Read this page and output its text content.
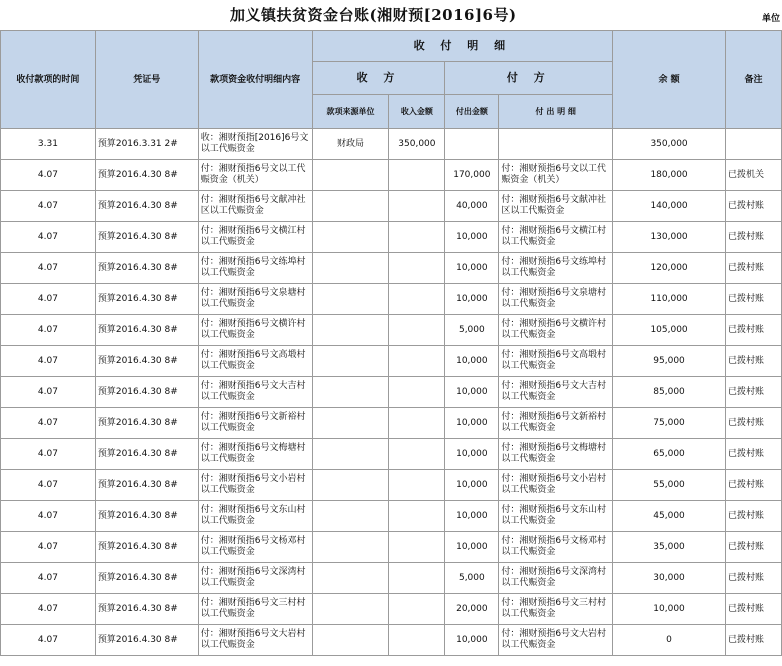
加义镇扶贫资金台账(湘财预[2016]6号)	单位
收付款项的时间	凭证号	款项资金收付明细内容	收 付 明 细				余 额	备注
			收 方		付 方			
			款项来源单位	收入金额	付出金额	付 出 明 细		
3.31	预算2016.3.31 2#	收：湘财预指[2016]6号文以工代赈资金	财政局	350,000			350,000	
4.07	预算2016.4.30 8#	付：湘财预指6号文以工代赈资金（机关）			170,000	付：湘财预指6号文以工代赈资金（机关）	180,000	已拨机关
4.07	预算2016.4.30 8#	付：湘财预指6号文献冲社区以工代赈资金			40,000	付：湘财预指6号文献冲社区以工代赈资金	140,000	已拨村账
4.07	预算2016.4.30 8#	付：湘财预指6号文横江村以工代赈资金			10,000	付：湘财预指6号文横江村以工代赈资金	130,000	已拨村账
4.07	预算2016.4.30 8#	付：湘财预指6号文练埠村以工代赈资金			10,000	付：湘财预指6号文练埠村以工代赈资金	120,000	已拨村账
4.07	预算2016.4.30 8#	付：湘财预指6号文泉塘村以工代赈资金			10,000	付：湘财预指6号文泉塘村以工代赈资金	110,000	已拨村账
4.07	预算2016.4.30 8#	付：湘财预指6号文横许村以工代赈资金			5,000	付：湘财预指6号文横许村以工代赈资金	105,000	已拨村账
4.07	预算2016.4.30 8#	付：湘财预指6号文高塅村以工代赈资金			10,000	付：湘财预指6号文高塅村以工代赈资金	95,000	已拨村账
4.07	预算2016.4.30 8#	付：湘财预指6号文大吉村以工代赈资金			10,000	付：湘财预指6号文大吉村以工代赈资金	85,000	已拨村账
4.07	预算2016.4.30 8#	付：湘财预指6号文新裕村以工代赈资金			10,000	付：湘财预指6号文新裕村以工代赈资金	75,000	已拨村账
4.07	预算2016.4.30 8#	付：湘财预指6号文梅塘村以工代赈资金			10,000	付：湘财预指6号文梅塘村以工代赈资金	65,000	已拨村账
4.07	预算2016.4.30 8#	付：湘财预指6号文小岩村以工代赈资金			10,000	付：湘财预指6号文小岩村以工代赈资金	55,000	已拨村账
4.07	预算2016.4.30 8#	付：湘财预指6号文东山村以工代赈资金			10,000	付：湘财预指6号文东山村以工代赈资金	45,000	已拨村账
4.07	预算2016.4.30 8#	付：湘财预指6号文杨邓村以工代赈资金			10,000	付：湘财预指6号文杨邓村以工代赈资金	35,000	已拨村账
4.07	预算2016.4.30 8#	付：湘财预指6号文深湾村以工代赈资金			5,000	付：湘财预指6号文深湾村以工代赈资金	30,000	已拨村账
4.07	预算2016.4.30 8#	付：湘财预指6号文三村村以工代赈资金			20,000	付：湘财预指6号文三村村以工代赈资金	10,000	已拨村账
4.07	预算2016.4.30 8#	付：湘财预指6号文大岩村以工代赈资金			10,000	付：湘财预指6号文大岩村以工代赈资金	0	已拨村账
